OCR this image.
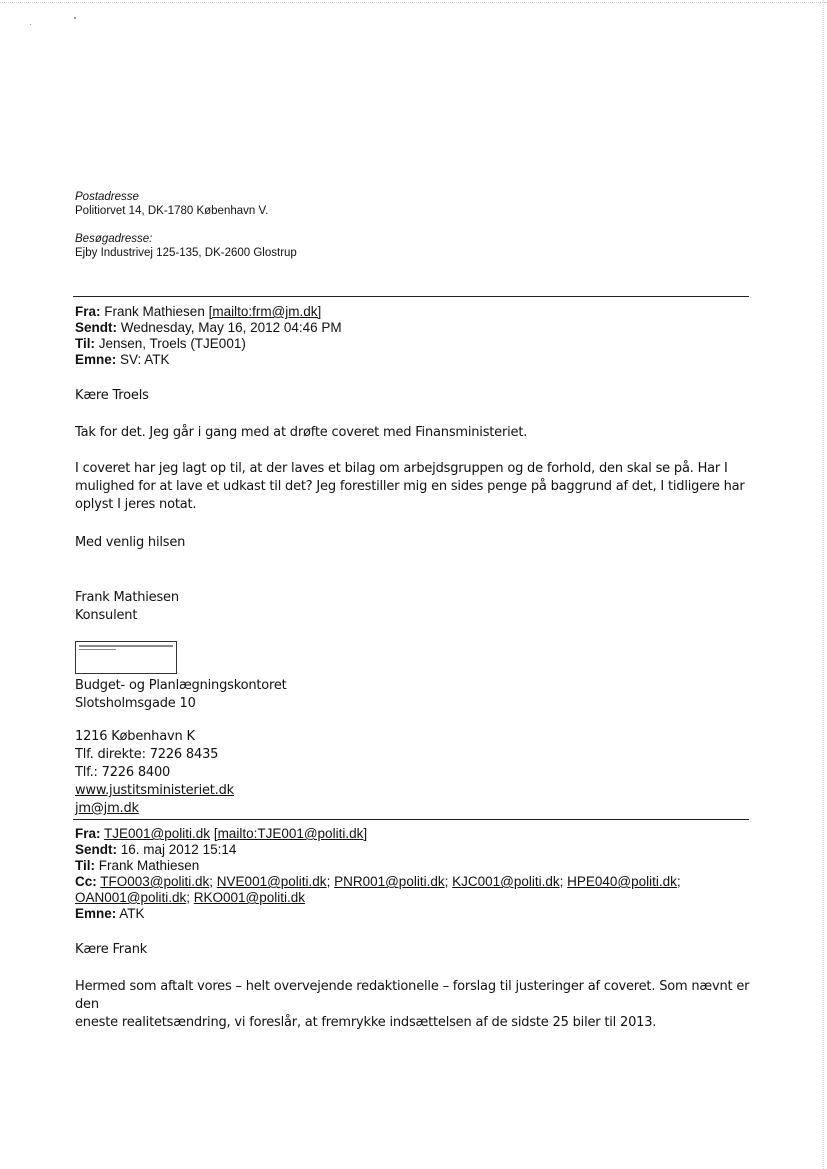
Postadresse
Politiorvet 14, DK-1780 København V.
Besøgadresse:
Ejby Industrivej 125-135, DK-2600 Glostrup
Fra: Frank Mathiesen [mailto:frm@jm.dk]
Sendt: Wednesday, May 16, 2012 04:46 PM
Til: Jensen, Troels (TJE001)
Emne: SV: ATK

Kære Troels

Tak for det. Jeg går i gang med at drøfte coveret med Finansministeriet.

I coveret har jeg lagt op til, at der laves et bilag om arbejdsgruppen og de forhold, den skal se på. Har I

mulighed for at lave et udkast til det? Jeg forestiller mig en sides penge på baggrund af det, I tidligere har

oplyst I jeres notat.

Med venlig hilsen

Frank Mathiesen

Konsulent

Budget- og Planlægningskontoret

Slotsholmsgade 10

1216 København K

Tlf. direkte: 7226 8435

Tlf.: 7226 8400

www.justitsministeriet.dk

jm@jm.dk

Fra: TJE001@politi.dk [mailto:TJE001@politi.dk]
Sendt: 16. maj 2012 15:14
Til: Frank Mathiesen
Cc: TFO003@politi.dk; NVE001@politi.dk; PNR001@politi.dk; KJC001@politi.dk; HPE040@politi.dk;
OAN001@politi.dk; RKO001@politi.dk
Emne: ATK

Kære Frank

Hermed som aftalt vores – helt overvejende redaktionelle – forslag til justeringer af coveret. Som nævnt er den

eneste realitetsændring, vi foreslår, at fremrykke indsættelsen af de sidste 25 biler til 2013.
